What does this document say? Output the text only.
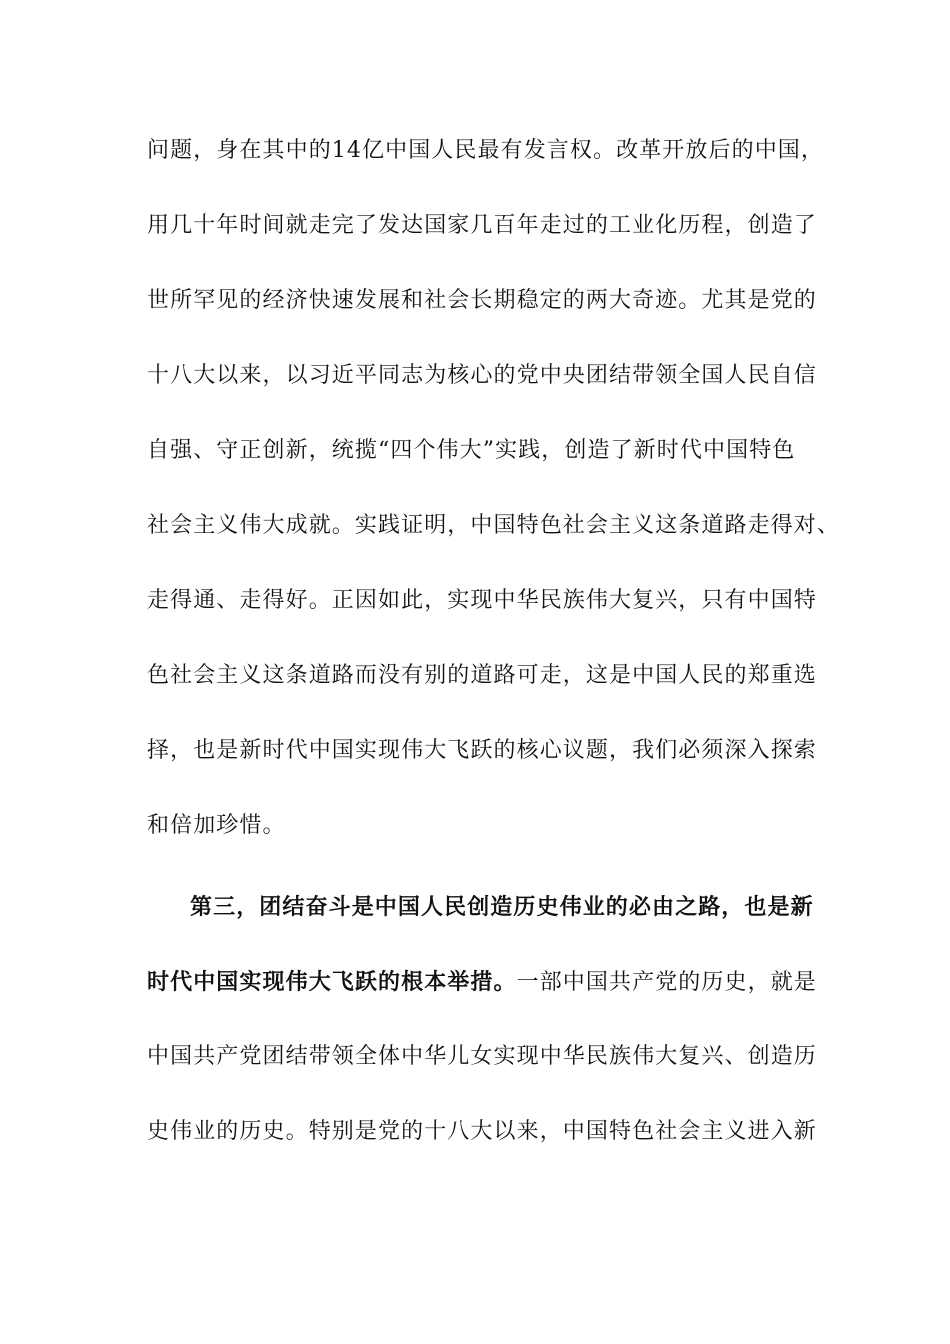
问题，身在其中的14亿中国人民最有发言权。改革开放后的中国，
用几十年时间就走完了发达国家几百年走过的工业化历程，创造了
世所罕见的经济快速发展和社会长期稳定的两大奇迹。尤其是党的
十八大以来，以习近平同志为核心的党中央团结带领全国人民自信
自强、守正创新，统揽“四个伟大”实践，创造了新时代中国特色
社会主义伟大成就。实践证明，中国特色社会主义这条道路走得对、
走得通、走得好。正因如此，实现中华民族伟大复兴，只有中国特
色社会主义这条道路而没有别的道路可走，这是中国人民的郑重选
择，也是新时代中国实现伟大飞跃的核心议题，我们必须深入探索
和倍加珍惜。
第三，团结奋斗是中国人民创造历史伟业的必由之路，也是新
时代中国实现伟大飞跃的根本举措。一部中国共产党的历史，就是
中国共产党团结带领全体中华儿女实现中华民族伟大复兴、创造历
史伟业的历史。特别是党的十八大以来，中国特色社会主义进入新
